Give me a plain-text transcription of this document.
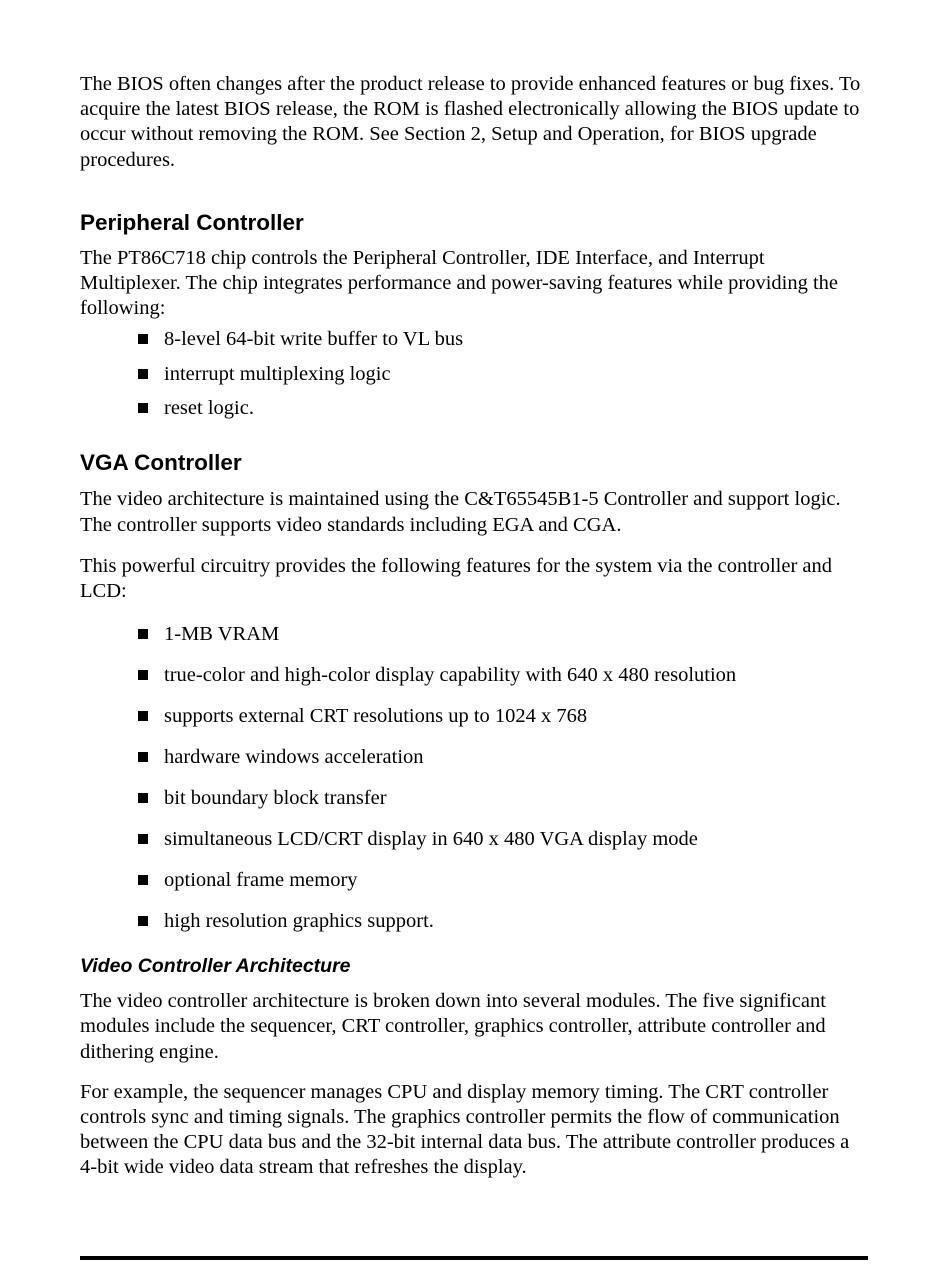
The BIOS often changes after the product release to provide enhanced features or bug fixes. To acquire the latest BIOS release, the ROM is flashed electronically allowing the BIOS update to occur without removing the ROM. See Section 2, Setup and Operation, for BIOS upgrade procedures.

Peripheral Controller

The PT86C718 chip controls the Peripheral Controller, IDE Interface, and Interrupt Multiplexer. The chip integrates performance and power-saving features while providing the following:

8-level 64-bit write buffer to VL bus
interrupt multiplexing logic
reset logic.
VGA Controller

The video architecture is maintained using the C&T65545B1-5 Controller and support logic. The controller supports video standards including EGA and CGA.

This powerful circuitry provides the following features for the system via the controller and LCD:

1-MB VRAM
true-color and high-color display capability with 640 x 480 resolution
supports external CRT resolutions up to 1024 x 768
hardware windows acceleration
bit boundary block transfer
simultaneous LCD/CRT display in 640 x 480 VGA display mode
optional frame memory
high resolution graphics support.
Video Controller Architecture

The video controller architecture is broken down into several modules. The five significant modules include the sequencer, CRT controller, graphics controller, attribute controller and dithering engine.

For example, the sequencer manages CPU and display memory timing. The CRT controller controls sync and timing signals. The graphics controller permits the flow of communication between the CPU data bus and the 32-bit internal data bus. The attribute controller produces a 4-bit wide video data stream that refreshes the display.
